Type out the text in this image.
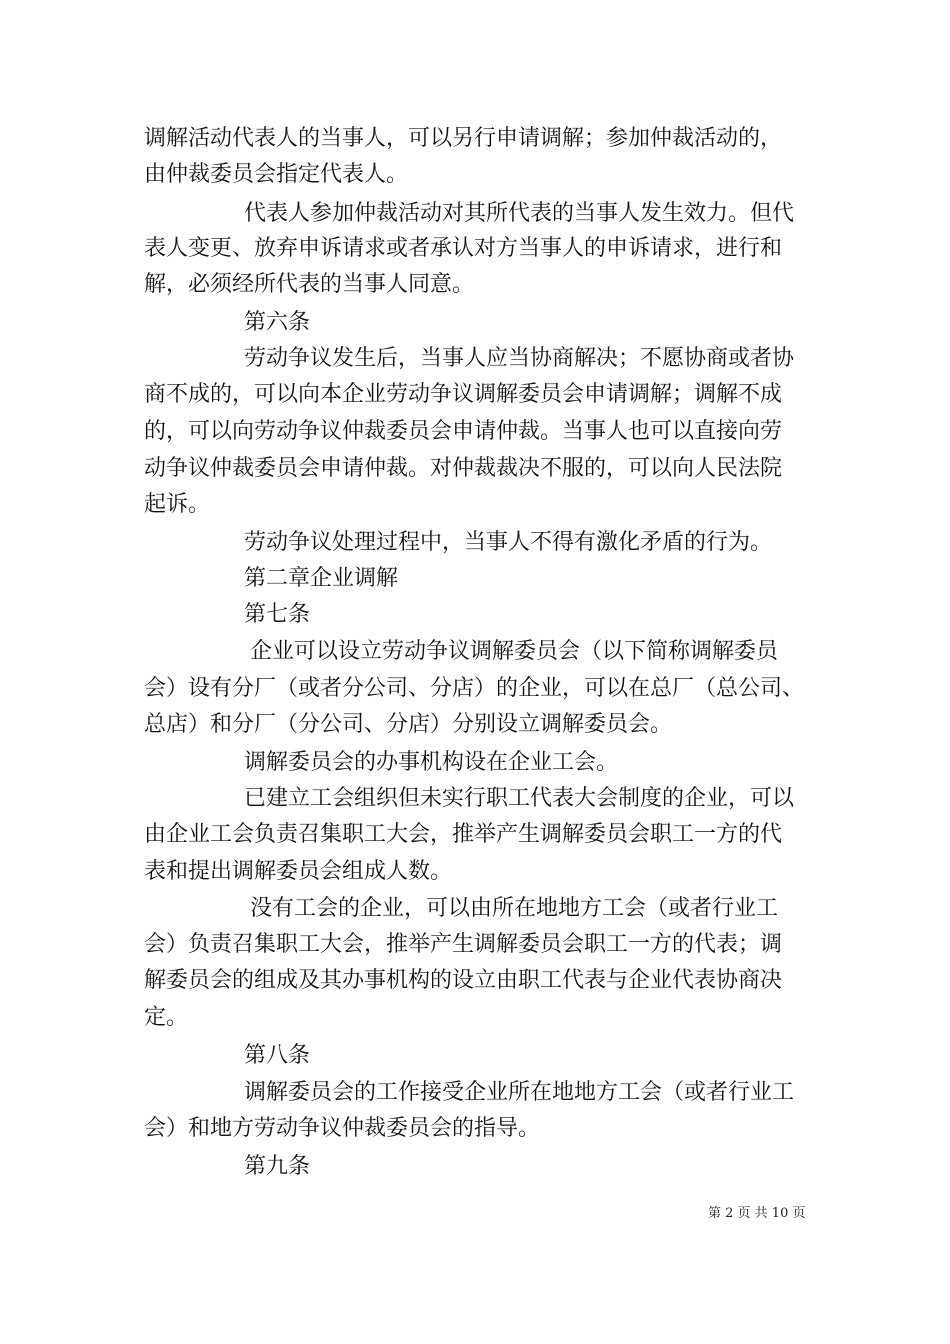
调解活动代表人的当事人，可以另行申请调解；参加仲裁活动的，
由仲裁委员会指定代表人。
代表人参加仲裁活动对其所代表的当事人发生效力。但代
表人变更、放弃申诉请求或者承认对方当事人的申诉请求，进行和
解，必须经所代表的当事人同意。
第六条
劳动争议发生后，当事人应当协商解决；不愿协商或者协
商不成的，可以向本企业劳动争议调解委员会申请调解；调解不成
的，可以向劳动争议仲裁委员会申请仲裁。当事人也可以直接向劳
动争议仲裁委员会申请仲裁。对仲裁裁决不服的，可以向人民法院
起诉。
劳动争议处理过程中，当事人不得有激化矛盾的行为。
第二章企业调解
第七条
企业可以设立劳动争议调解委员会（以下简称调解委员
会）设有分厂（或者分公司、分店）的企业，可以在总厂（总公司、
总店）和分厂（分公司、分店）分别设立调解委员会。
调解委员会的办事机构设在企业工会。
已建立工会组织但未实行职工代表大会制度的企业，可以
由企业工会负责召集职工大会，推举产生调解委员会职工一方的代
表和提出调解委员会组成人数。
没有工会的企业，可以由所在地地方工会（或者行业工
会）负责召集职工大会，推举产生调解委员会职工一方的代表；调
解委员会的组成及其办事机构的设立由职工代表与企业代表协商决
定。
第八条
调解委员会的工作接受企业所在地地方工会（或者行业工
会）和地方劳动争议仲裁委员会的指导。
第九条
第 2 页 共 10 页
